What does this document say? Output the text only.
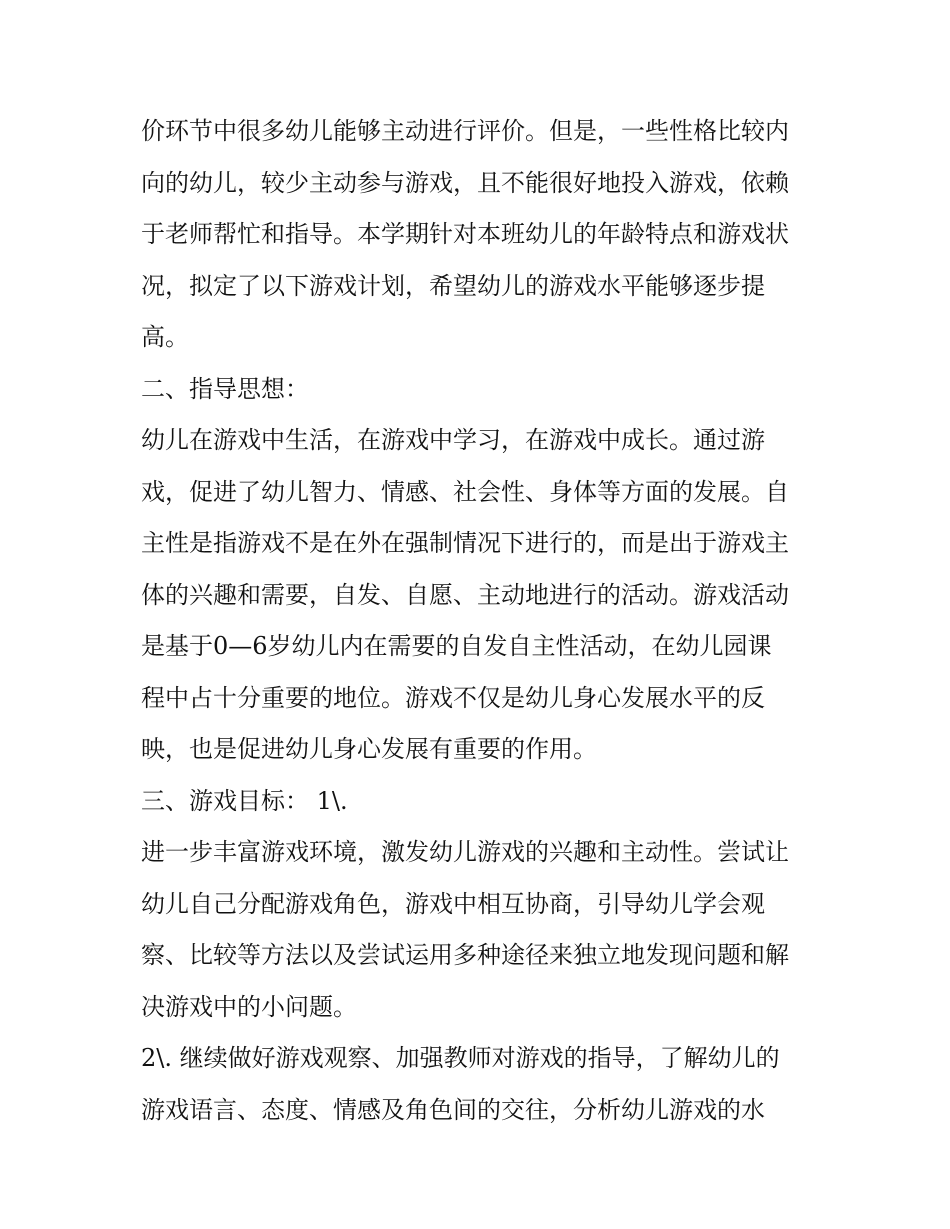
价环节中很多幼儿能够主动进行评价。但是，一些性格比较内
向的幼儿，较少主动参与游戏，且不能很好地投入游戏，依赖
于老师帮忙和指导。本学期针对本班幼儿的年龄特点和游戏状
况，拟定了以下游戏计划，希望幼儿的游戏水平能够逐步提
高。

二、指导思想：

幼儿在游戏中生活，在游戏中学习，在游戏中成长。通过游
戏，促进了幼儿智力、情感、社会性、身体等方面的发展。自
主性是指游戏不是在外在强制情况下进行的，而是出于游戏主
体的兴趣和需要，自发、自愿、主动地进行的活动。游戏活动
是基于0—6岁幼儿内在需要的自发自主性活动，在幼儿园课
程中占十分重要的地位。游戏不仅是幼儿身心发展水平的反
映，也是促进幼儿身心发展有重要的作用。

三、游戏目标： 1\.

进一步丰富游戏环境，激发幼儿游戏的兴趣和主动性。尝试让
幼儿自己分配游戏角色，游戏中相互协商，引导幼儿学会观
察、比较等方法以及尝试运用多种途径来独立地发现问题和解
决游戏中的小问题。

2\. 继续做好游戏观察、加强教师对游戏的指导，了解幼儿的
游戏语言、态度、情感及角色间的交往，分析幼儿游戏的水
